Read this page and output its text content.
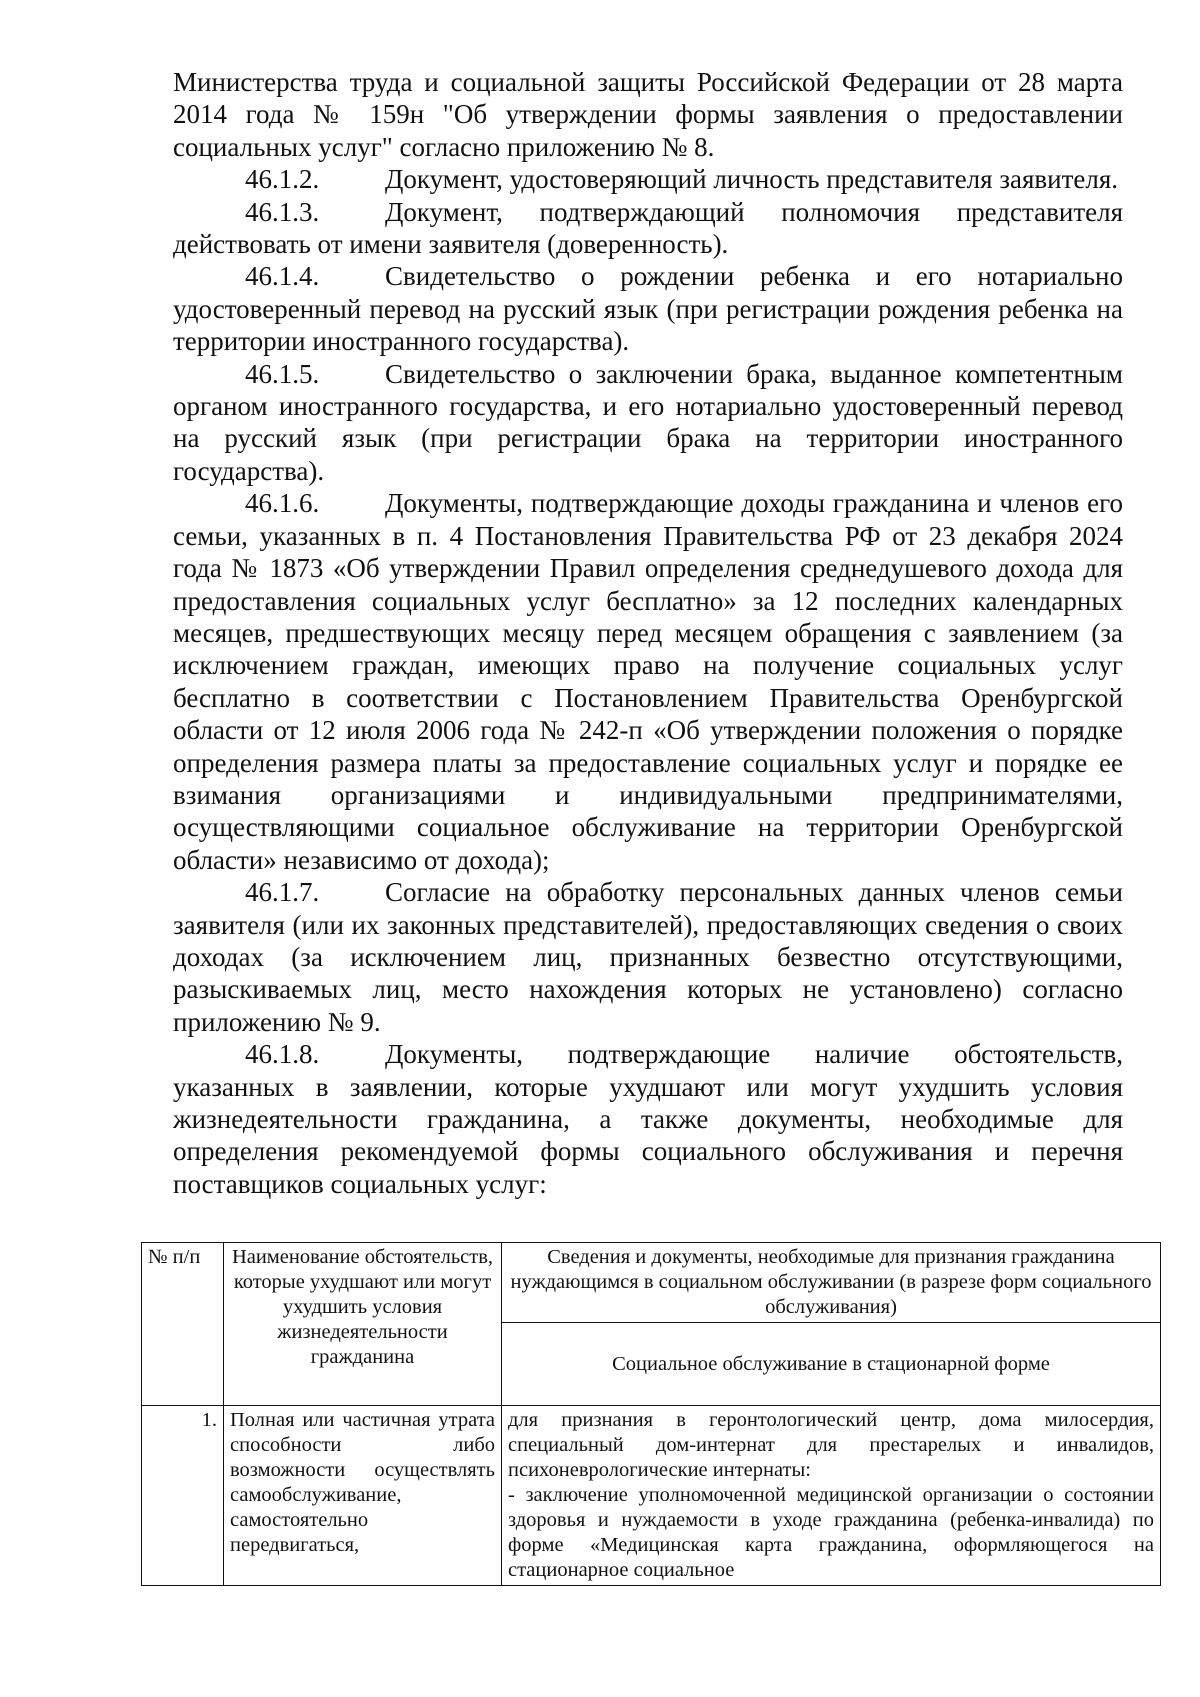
Министерства труда и социальной защиты Российской Федерации от 28 марта 2014 года № 159н "Об утверждении формы заявления о предоставлении социальных услуг" согласно приложению № 8.

46.1.2. Документ, удостоверяющий личность представителя заявителя.

46.1.3. Документ, подтверждающий полномочия представителя действовать от имени заявителя (доверенность).

46.1.4. Свидетельство о рождении ребенка и его нотариально удостоверенный перевод на русский язык (при регистрации рождения ребенка на территории иностранного государства).

46.1.5. Свидетельство о заключении брака, выданное компетентным органом иностранного государства, и его нотариально удостоверенный перевод на русский язык (при регистрации брака на территории иностранного государства).

46.1.6. Документы, подтверждающие доходы гражданина и членов его семьи, указанных в п. 4 Постановления Правительства РФ от 23 декабря 2024 года № 1873 «Об утверждении Правил определения среднедушевого дохода для предоставления социальных услуг бесплатно» за 12 последних календарных месяцев, предшествующих месяцу перед месяцем обращения с заявлением (за исключением граждан, имеющих право на получение социальных услуг бесплатно в соответствии с Постановлением Правительства Оренбургской области от 12 июля 2006 года № 242-п «Об утверждении положения о порядке определения размера платы за предоставление социальных услуг и порядке ее взимания организациями и индивидуальными предпринимателями, осуществляющими социальное обслуживание на территории Оренбургской области» независимо от дохода);

46.1.7. Согласие на обработку персональных данных членов семьи заявителя (или их законных представителей), предоставляющих сведения о своих доходах (за исключением лиц, признанных безвестно отсутствующими, разыскиваемых лиц, место нахождения которых не установлено) согласно приложению № 9.

46.1.8. Документы, подтверждающие наличие обстоятельств, указанных в заявлении, которые ухудшают или могут ухудшить условия жизнедеятельности гражданина, а также документы, необходимые для определения рекомендуемой формы социального обслуживания и перечня поставщиков социальных услуг:

№ п/п	Наименование обстоятельств, которые ухудшают или могут ухудшить условия жизнедеятельности гражданина	Сведения и документы, необходимые для признания гражданина нуждающимся в социальном обслуживании (в разрезе форм социального обслуживания)
		Социальное обслуживание в стационарной форме
1.	Полная или частичная утрата способности либо возможности осуществлять самообслуживание, самостоятельно передвигаться,	для признания в геронтологический центр, дома милосердия, специальный дом-интернат для престарелых и инвалидов, психоневрологические интернаты:
- заключение уполномоченной медицинской организации о состоянии здоровья и нуждаемости в уходе гражданина (ребенка-инвалида) по форме «Медицинская карта гражданина, оформляющегося на стационарное социальное
